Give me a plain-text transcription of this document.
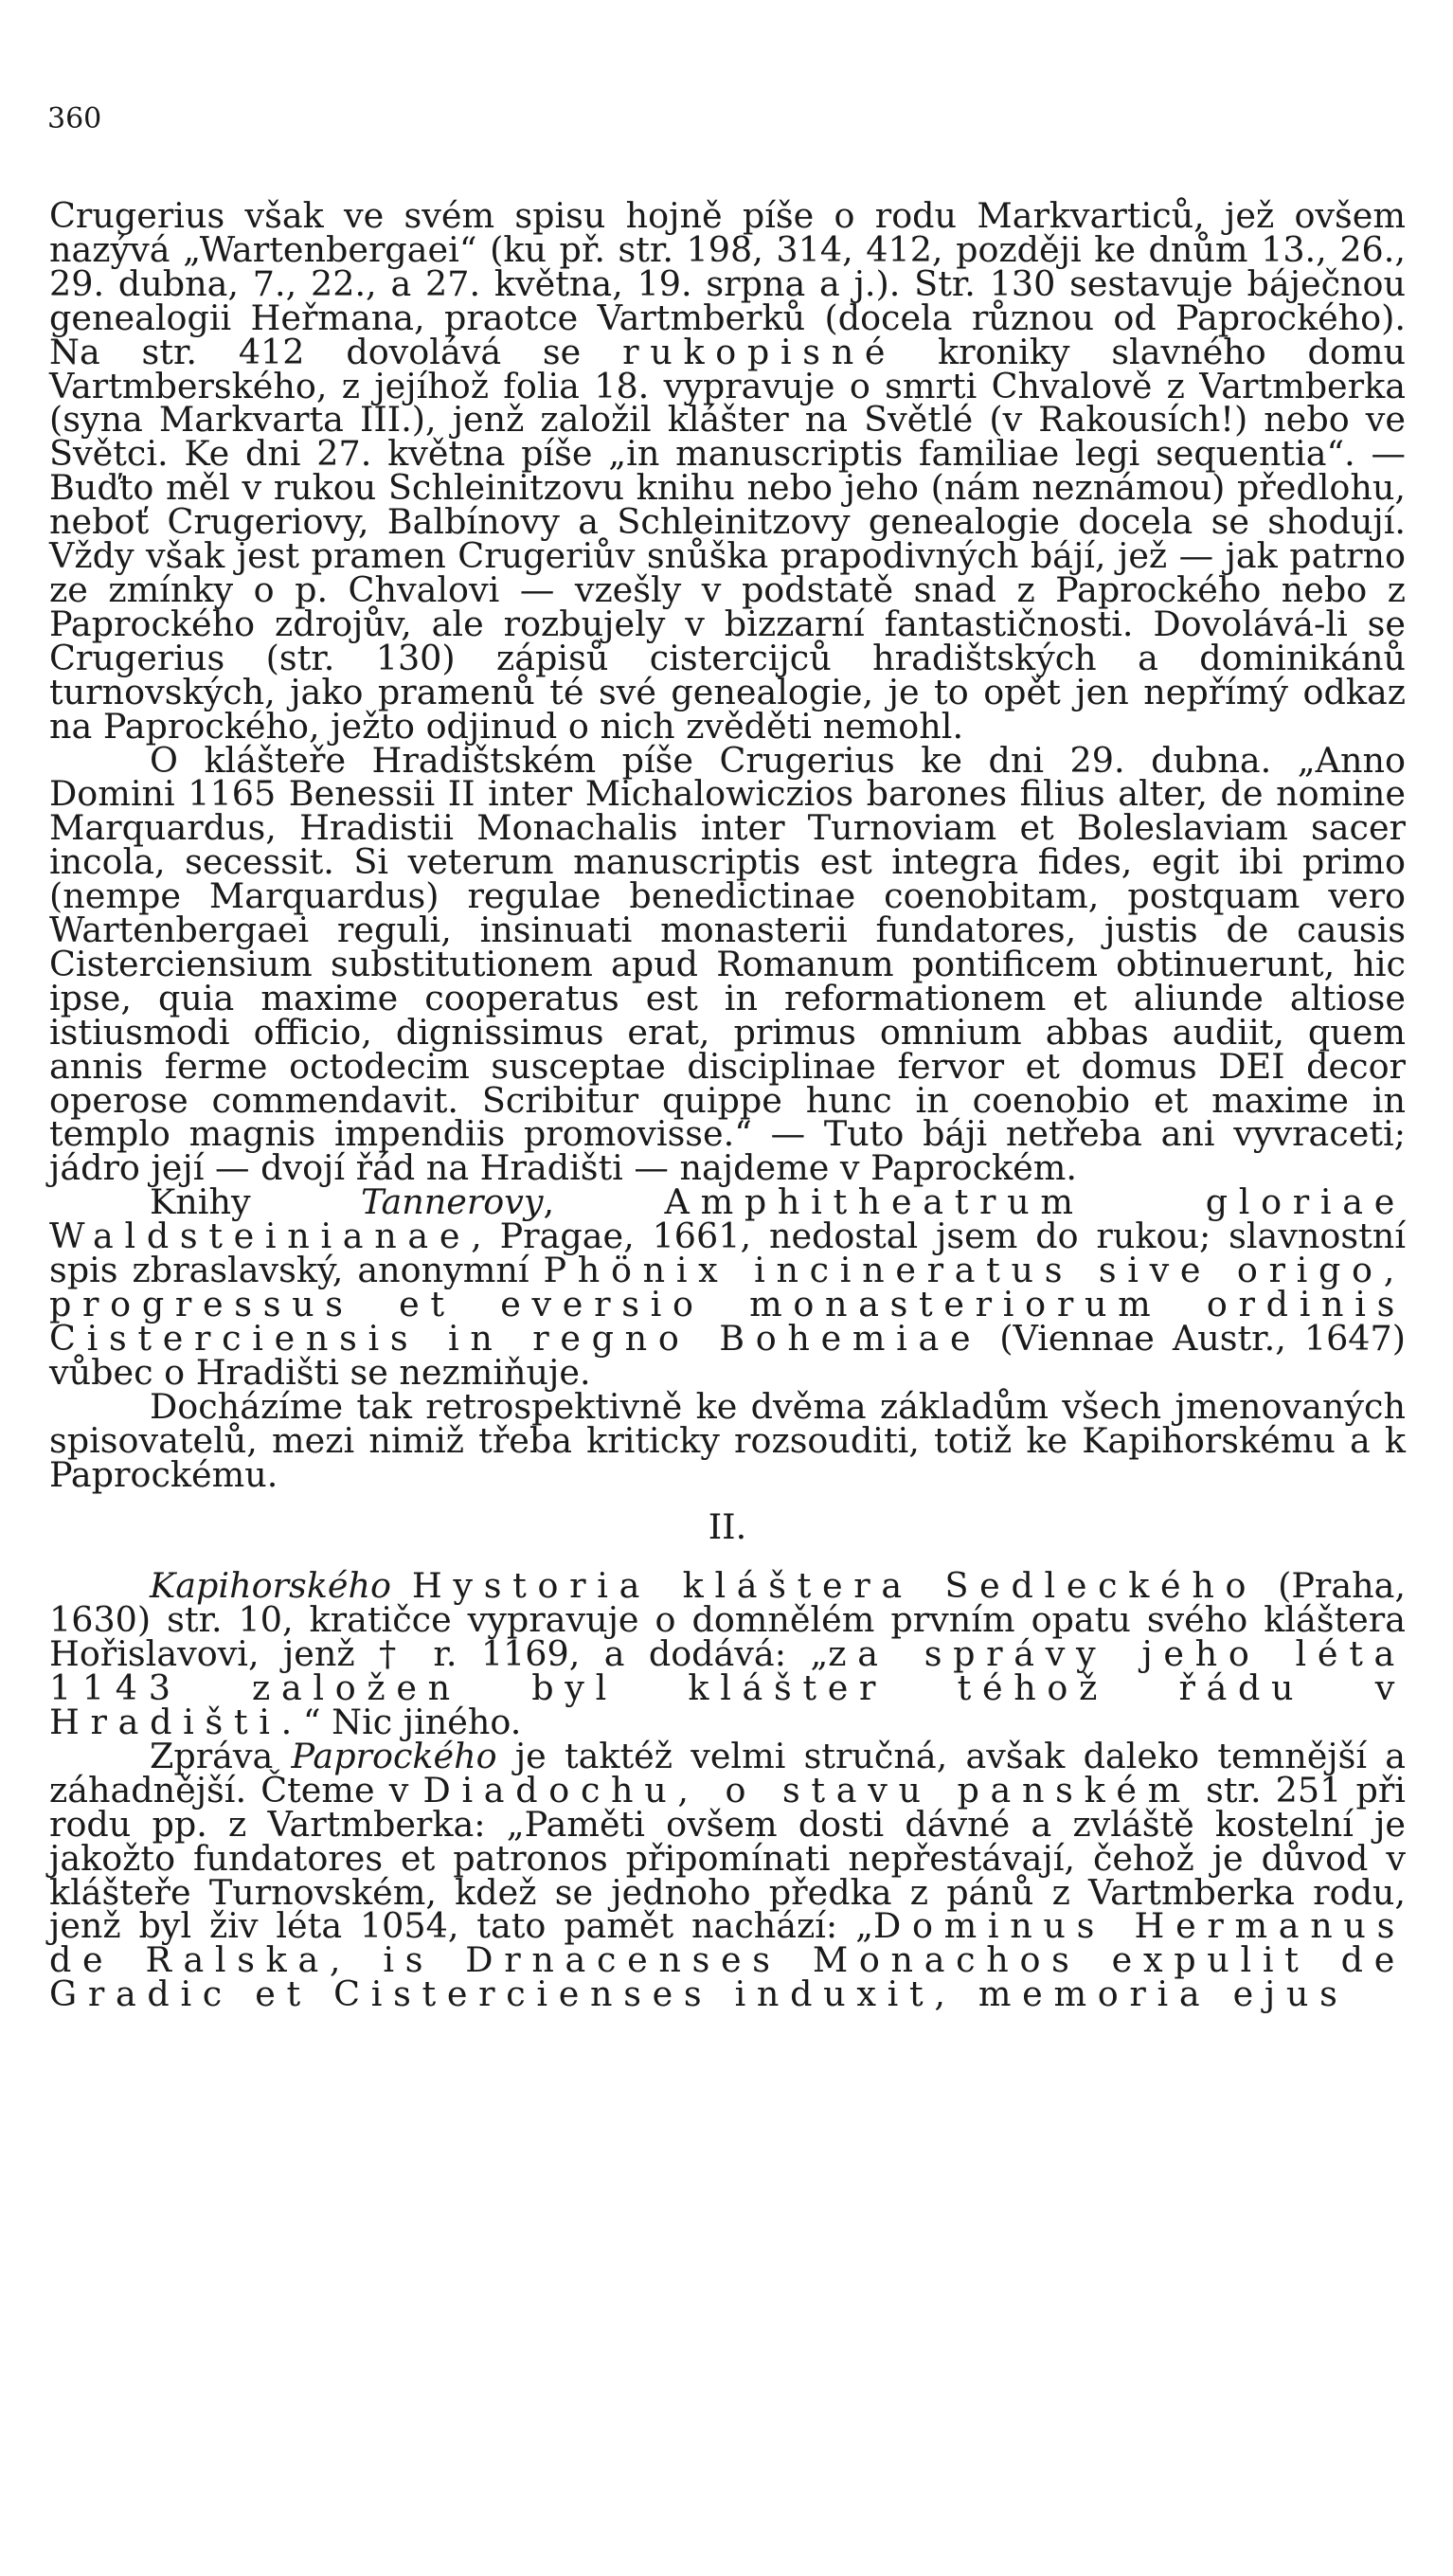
360

Crugerius však ve svém spisu hojně píše o rodu Markvarticů, jež ovšem nazývá „Wartenbergaei“ (ku př. str. 198, 314, 412, později ke dnům 13., 26., 29. dubna, 7., 22., a 27. května, 19. srpna a j.). Str. 130 sestavuje báječnou genealogii Heřmana, praotce Vartmberků (docela různou od Paprockého). Na str. 412 dovolává se rukopisné kroniky slavného domu Vartmberského, z jejíhož folia 18. vypravuje o smrti Chvalově z Vartmberka (syna Markvarta III.), jenž založil klášter na Světlé (v Rakousích!) nebo ve Světci. Ke dni 27. května píše „in manuscriptis familiae legi sequentia“. — Buďto měl v rukou Schleinitzovu knihu nebo jeho (nám neznámou) předlohu, neboť Crugeriovy, Balbínovy a Schleinitzovy genealogie docela se shodují. Vždy však jest pramen Crugeriův snůška prapodivných bájí, jež — jak patrno ze zmínky o p. Chvalovi — vzešly v podstatě snad z Paprockého nebo z Paprockého zdrojův, ale rozbujely v bizzarní fantastičnosti. Dovolává-li se Crugerius (str. 130) zápisů cistercijců hradištských a dominikánů turnovských, jako pramenů té své genealogie, je to opět jen nepřímý odkaz na Paprockého, ježto odjinud o nich zvěděti nemohl.

O klášteře Hradištském píše Crugerius ke dni 29. dubna. „Anno Domini 1165 Benessii II inter Michalowiczios barones filius alter, de nomine Marquardus, Hradistii Monachalis inter Turnoviam et Boleslaviam sacer incola, secessit. Si veterum manuscriptis est integra fides, egit ibi primo (nempe Marquardus) regulae benedictinae coenobitam, postquam vero Wartenbergaei reguli, insinuati monasterii fundatores, justis de causis Cisterciensium substitutionem apud Romanum pontificem obtinuerunt, hic ipse, quia maxime cooperatus est in reformationem et aliunde altiose istiusmodi officio, dignissimus erat, primus omnium abbas audiit, quem annis ferme octodecim susceptae disciplinae fervor et domus DEI decor operose commendavit. Scribitur quippe hunc in coenobio et maxime in templo magnis impendiis promovisse.“ — Tuto báji netřeba ani vyvraceti; jádro její — dvojí řád na Hradišti — najdeme v Paprockém.

Knihy Tannerovy, Amphitheatrum gloriae Waldsteinianae, Pragae, 1661, nedostal jsem do rukou; slavnostní spis zbraslavský, anonymní Phönix incineratus sive origo, progressus et eversio monasteriorum ordinis Cisterciensis in regno Bohemiae (Viennae Austr., 1647) vůbec o Hradišti se nezmiňuje.

Docházíme tak retrospektivně ke dvěma základům všech jmenovaných spisovatelů, mezi nimiž třeba kriticky rozsouditi, totiž ke Kapihorskému a k Paprockému.

II.

Kapihorského Hystoria kláštera Sedleckého (Praha, 1630) str. 10, kratičce vypravuje o domnělém prvním opatu svého kláštera Hořislavovi, jenž † r. 1169, a dodává: „za správy jeho léta 1143 založen byl klášter téhož řádu v Hradišti.“ Nic jiného.

Zpráva Paprockého je taktéž velmi stručná, avšak daleko temnější a záhadnější. Čteme v Diadochu, o stavu panském str. 251 při rodu pp. z Vartmberka: „Paměti ovšem dosti dávné a zvláště kostelní je jakožto fundatores et patronos připomínati nepřestávají, čehož je důvod v klášteře Turnovském, kdež se jednoho předka z pánů z Vartmberka rodu, jenž byl živ léta 1054, tato pamět nachází: „Dominus Hermanus de Ralska, is Drnacenses Monachos expulit de Gradic et Cistercienses induxit, memoria ejus
